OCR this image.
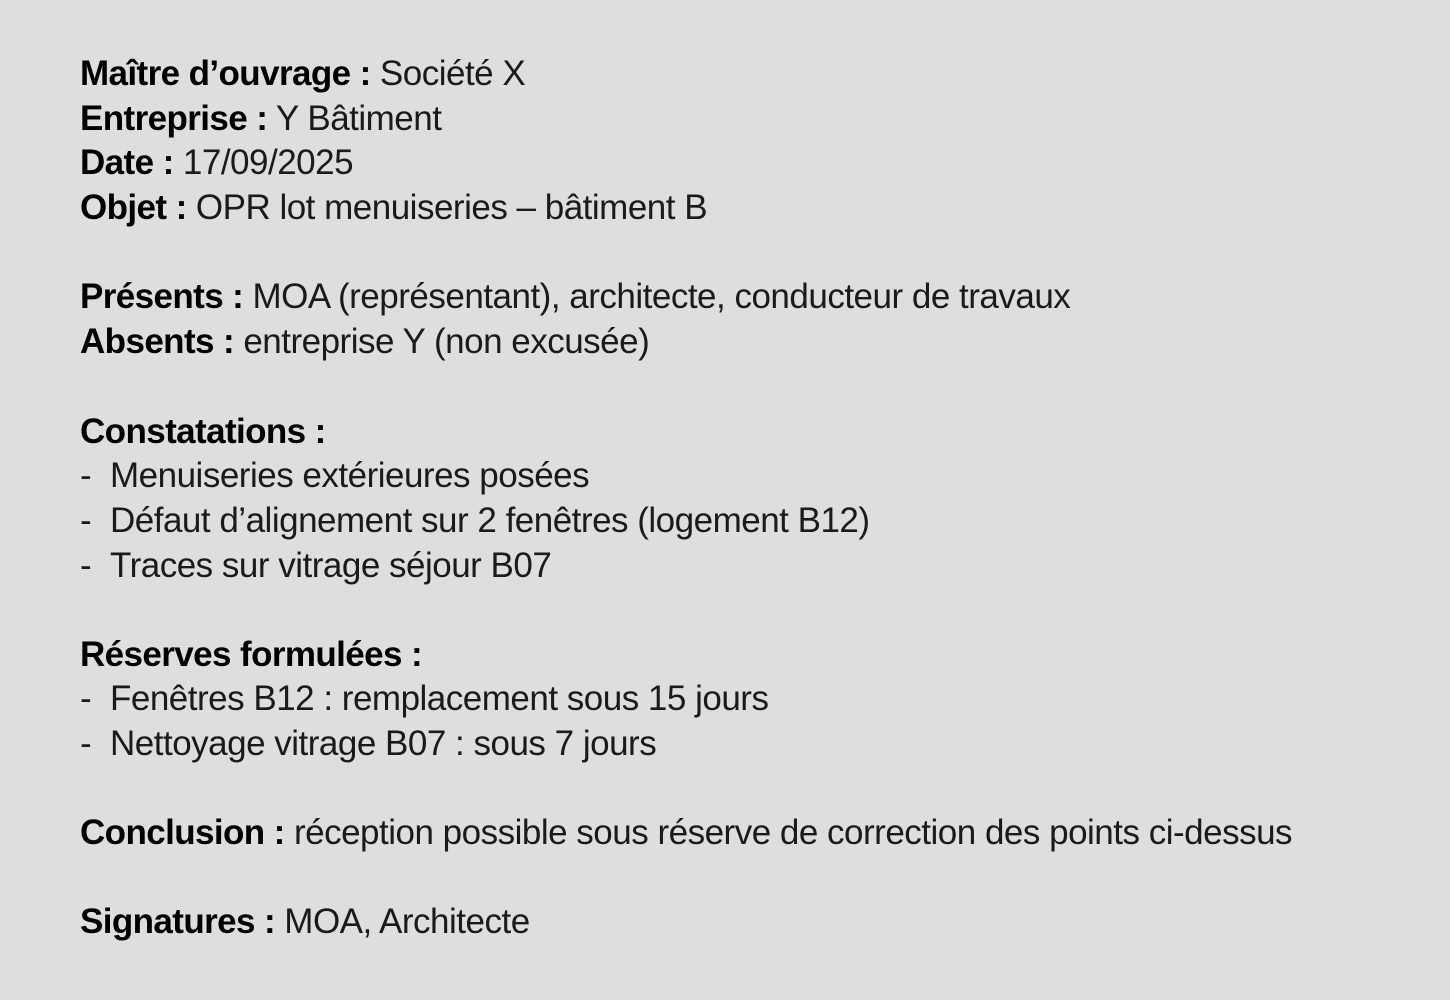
Maître d’ouvrage : Société X
Entreprise : Y Bâtiment
Date : 17/09/2025
Objet : OPR lot menuiseries – bâtiment B
Présents : MOA (représentant), architecte, conducteur de travaux
Absents : entreprise Y (non excusée)
Constatations :
- Menuiseries extérieures posées
- Défaut d’alignement sur 2 fenêtres (logement B12)
- Traces sur vitrage séjour B07
Réserves formulées :
- Fenêtres B12 : remplacement sous 15 jours
- Nettoyage vitrage B07 : sous 7 jours
Conclusion : réception possible sous réserve de correction des points ci-dessus
Signatures : MOA, Architecte
